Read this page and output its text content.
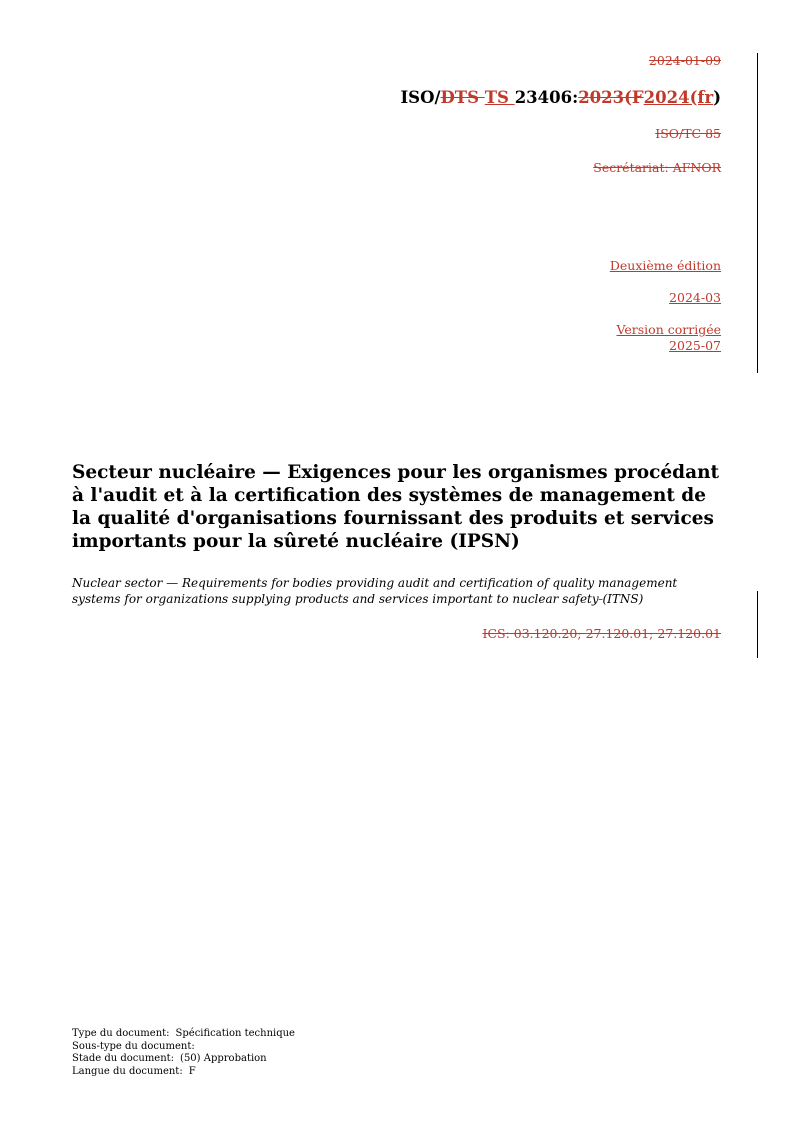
2024-01-09
ISO/DTS TS 23406:2023(F2024(fr)
ISO/TC 85
Secrétariat: AFNOR
Deuxième édition
2024-03
Version corrigée
2025-07
Secteur nucléaire — Exigences pour les organismes procédant à l'audit et à la certification des systèmes de management de la qualité d'organisations fournissant des produits et services importants pour la sûreté nucléaire (IPSN)
Nuclear sector — Requirements for bodies providing audit and certification of quality management systems for organizations supplying products and services important to nuclear safety (ITNS)
ICS: 03.120.20; 27.120.01; 27.120.01
Type du document: Spécification technique
Sous-type du document:
Stade du document: (50) Approbation
Langue du document: F
